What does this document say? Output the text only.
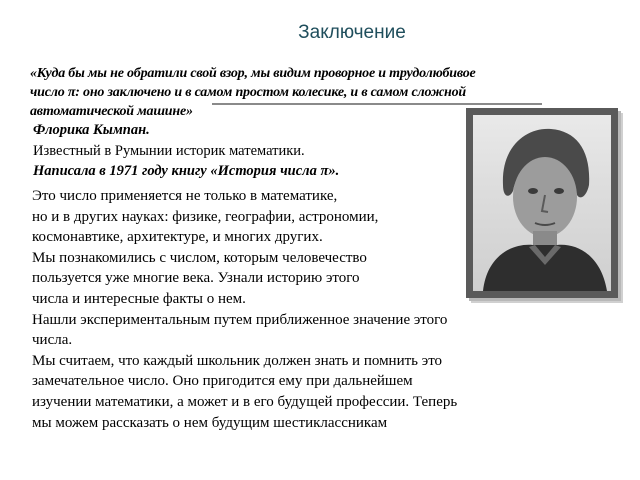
Заключение
«Куда бы мы не обратили свой взор, мы видим проворное и трудолюбивое
число π: оно заключено и в самом простом колесике, и в самом сложной
автоматической машине»
Флорика Кымпан.
Известный в Румынии историк математики.
Написала в 1971 году книгу «История числа π».
Это число применяется не только в математике,
но и в других науках: физике, географии, астрономии,
космонавтике, архитектуре, и многих других.
Мы познакомились с числом, которым человечество
пользуется уже многие века. Узнали историю этого
числа и интересные факты о нем.
Нашли экспериментальным путем приближенное значение этого
числа.
Мы считаем, что каждый школьник должен знать и помнить это
замечательное число. Оно пригодится ему при дальнейшем
изучении математики, а может и в его будущей профессии. Теперь
мы можем рассказать о нем будущим шестиклассникам
